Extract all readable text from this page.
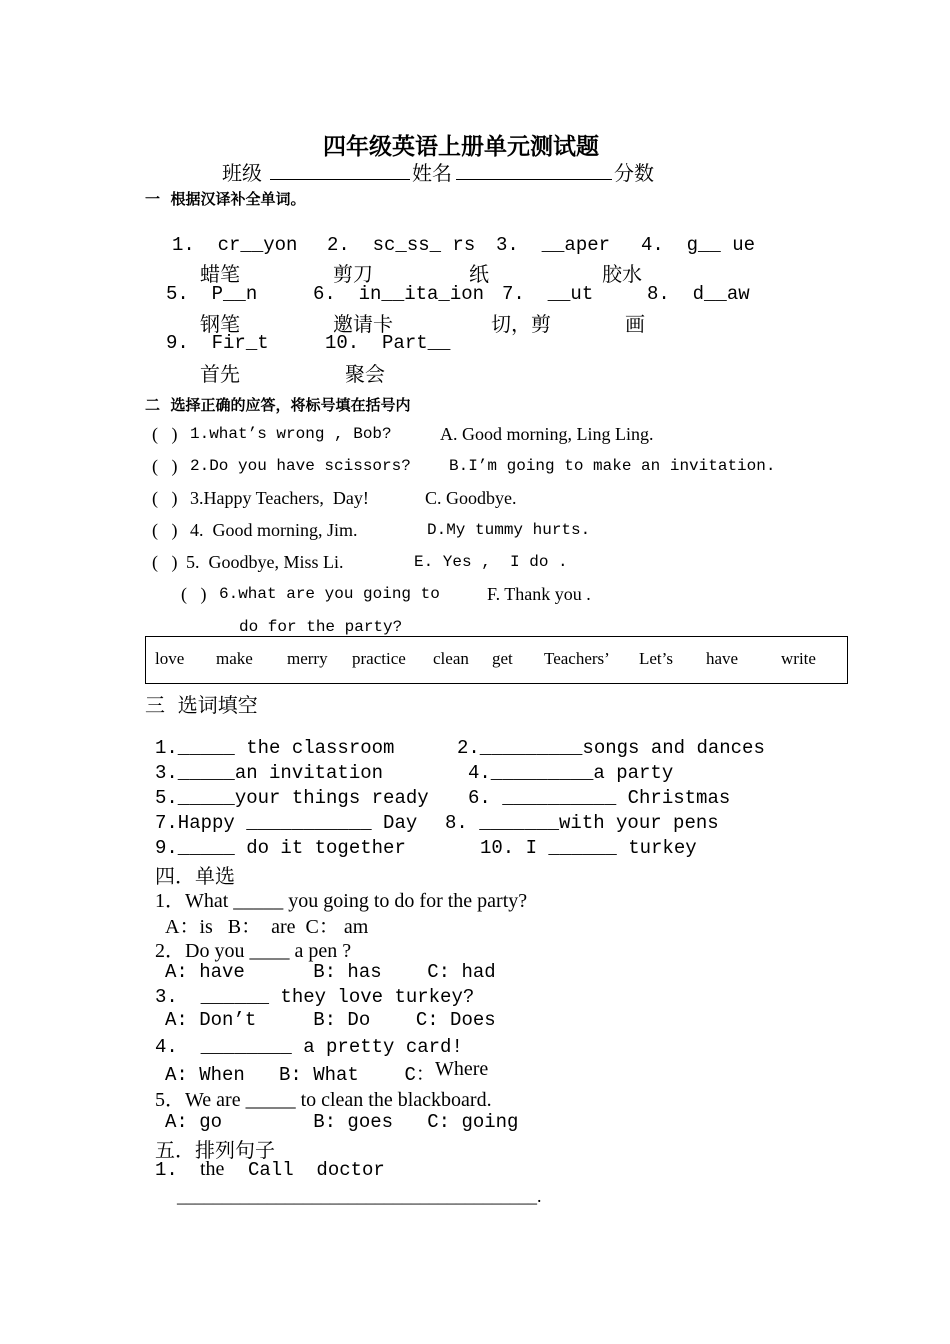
四年级英语上册单元测试题
班级	姓名	分数
一  根据汉译补全单词。
1.  cr__yon 2.  sc_ss_ rs 3.  __aper 4.  g__ ue
蜡笔	剪刀	纸	胶水
5.  P__n	6.  in__ita_ion 7.  __ut	8.  d__aw
钢笔	邀请卡	切，剪	画
9.  Fir_t	10.  Part__
首先	聚会
二  选择正确的应答，将标号填在括号内
(   ) 1.what’s wrong , Bob?	A. Good morning, Ling Ling.
(   ) 2.Do you have scissors? B.I’m going to make an invitation.
(   ) 3.Happy Teachers,  Day!	C. Goodbye.
(   ) 4.  Good morning, Jim.	D.My tummy hurts.
(   ) 5.  Goodbye, Miss Li.	E. Yes ,  I do .
(   ) 6.what are you going to	F. Thank you .
do for the party?
love make merry practice clean get Teachers’ Let’s have	write
三  选词填空
1._____ the classroom	2._________songs and dances
3._____an invitation	4._________a party
5._____your things ready 6. __________ Christmas
7.Happy ___________ Day 8. _______with your pens
9._____ do it together	10. I ______ turkey
四．单选
1．What _____ you going to do for the party?
A：is   B：  are  C： am
2．Do you ____ a pen ?
A: have      B: has    C: had
3.  ______ they love turkey?
A: Don’t     B: Do    C: Does
4.  ________ a pretty card!
A: When   B: What    C： Where
5．We are _____ to clean the blackboard.
A: go        B: goes   C: going
五．排列句子
1. the Call  doctor
________________________________________.
